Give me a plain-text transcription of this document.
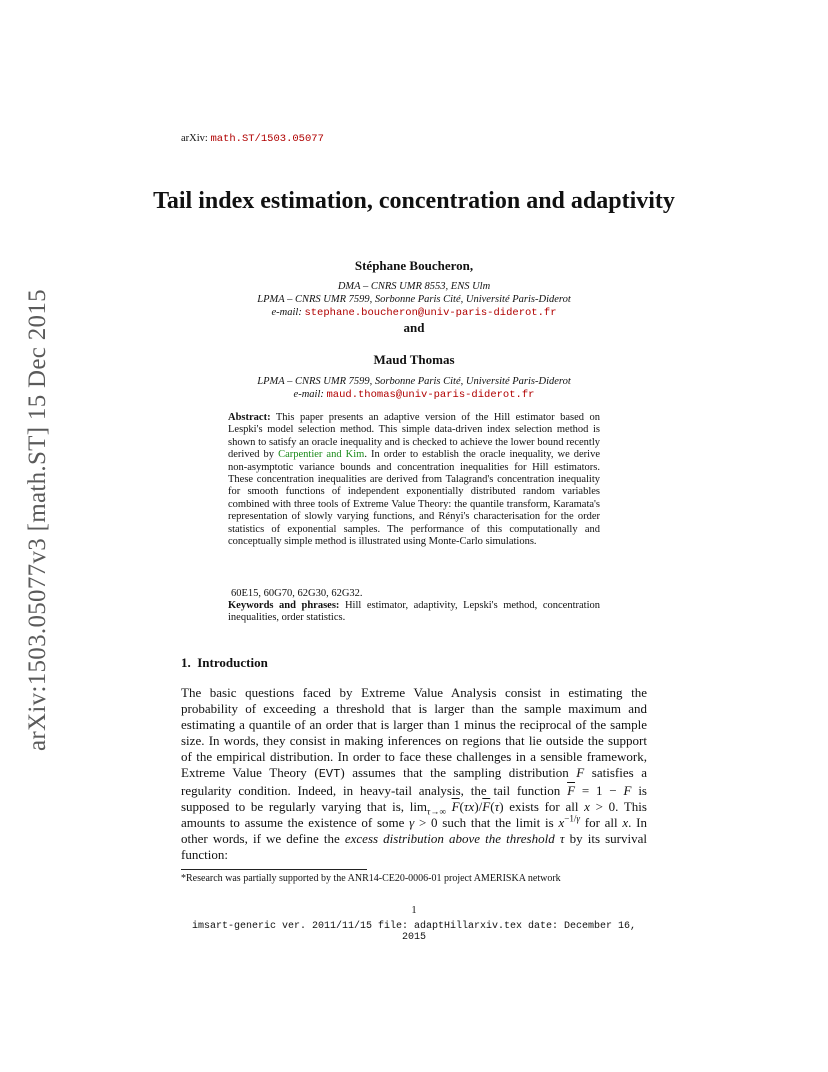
arXiv:1503.05077v3 [math.ST] 15 Dec 2015
arXiv: math.ST/1503.05077
Tail index estimation, concentration and adaptivity
Stéphane Boucheron,
DMA – CNRS UMR 8553, ENS Ulm
LPMA – CNRS UMR 7599, Sorbonne Paris Cité, Université Paris-Diderot
e-mail: stephane.boucheron@univ-paris-diderot.fr
and
Maud Thomas
LPMA – CNRS UMR 7599, Sorbonne Paris Cité, Université Paris-Diderot
e-mail: maud.thomas@univ-paris-diderot.fr
Abstract: This paper presents an adaptive version of the Hill estimator based on Lespki's model selection method. This simple data-driven index selection method is shown to satisfy an oracle inequality and is checked to achieve the lower bound recently derived by Carpentier and Kim. In order to establish the oracle inequality, we derive non-asymptotic variance bounds and concentration inequalities for Hill estimators. These concentration inequalities are derived from Talagrand's concentration inequality for smooth functions of independent exponentially distributed random variables combined with three tools of Extreme Value Theory: the quantile transform, Karamata's representation of slowly varying functions, and Rényi's characterisation for the order statistics of exponential samples. The performance of this computationally and conceptually simple method is illustrated using Monte-Carlo simulations.
60E15, 60G70, 62G30, 62G32.
Keywords and phrases: Hill estimator, adaptivity, Lepski's method, concentration inequalities, order statistics.
1. Introduction
The basic questions faced by Extreme Value Analysis consist in estimating the probability of exceeding a threshold that is larger than the sample maximum and estimating a quantile of an order that is larger than 1 minus the reciprocal of the sample size. In words, they consist in making inferences on regions that lie outside the support of the empirical distribution. In order to face these challenges in a sensible framework, Extreme Value Theory (EVT) assumes that the sampling distribution F satisfies a regularity condition. Indeed, in heavy-tail analysis, the tail function $\overline{F} = 1 - F$ is supposed to be regularly varying that is, $\lim_{\tau\to\infty} \overline{F}(\tau x)/\overline{F}(\tau)$ exists for all x > 0. This amounts to assume the existence of some γ > 0 such that the limit is $x^{-1/\gamma}$ for all x. In other words, if we define the excess distribution above the threshold τ by its survival function:
*Research was partially supported by the ANR14-CE20-0006-01 project AMERISKA network
1
imsart-generic ver. 2011/11/15 file: adaptHillarxiv.tex date: December 16, 2015
